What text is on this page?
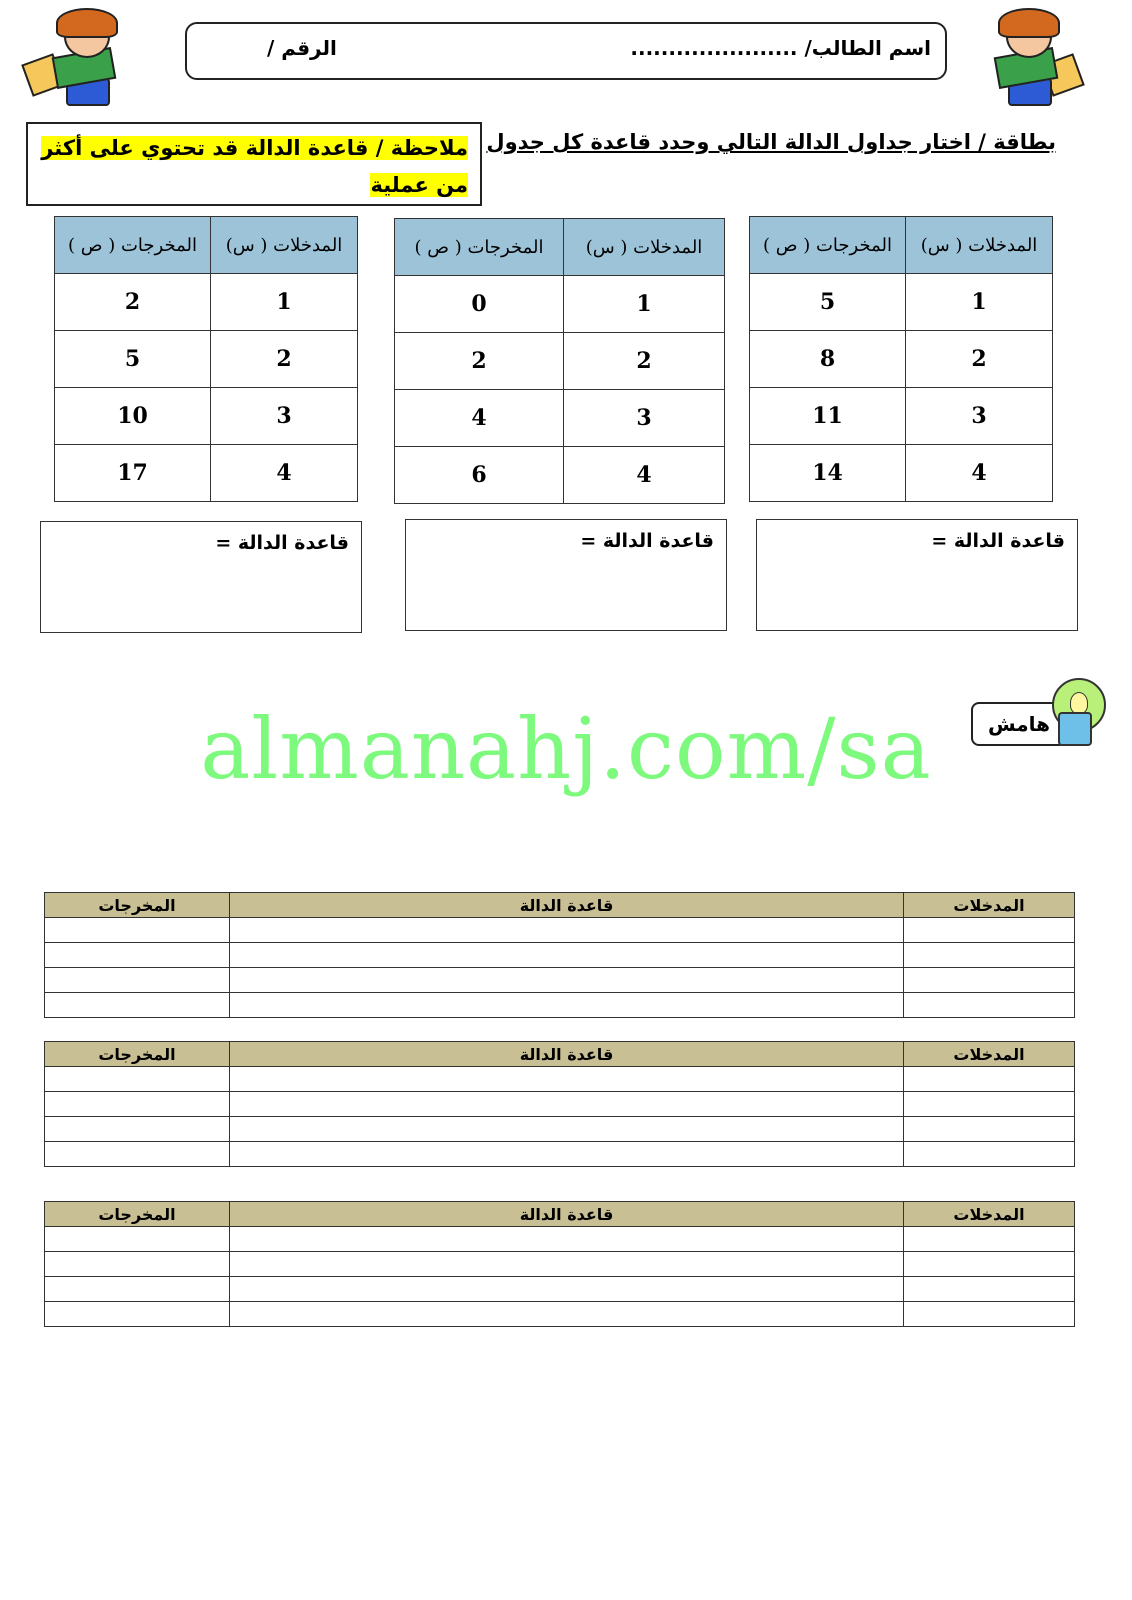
اسم الطالب/ ......................
الرقم /
بطاقة / اختار جداول الدالة التالي وحدد قاعدة كل جدول
ملاحظة / قاعدة الدالة قد تحتوي على أكثر من عملية
المدخلات ( س)	المخرجات ( ص )
1	5
2	8
3	11
4	14
المدخلات ( س)	المخرجات ( ص )
1	0
2	2
3	4
4	6
المدخلات ( س)	المخرجات ( ص )
1	2
2	5
3	10
4	17
قاعدة الدالة =
قاعدة الدالة =
قاعدة الدالة =
هامش
almanahj.com/sa
المدخلات	قاعدة الدالة	المخرجات

المدخلات	قاعدة الدالة	المخرجات

المدخلات	قاعدة الدالة	المخرجات
